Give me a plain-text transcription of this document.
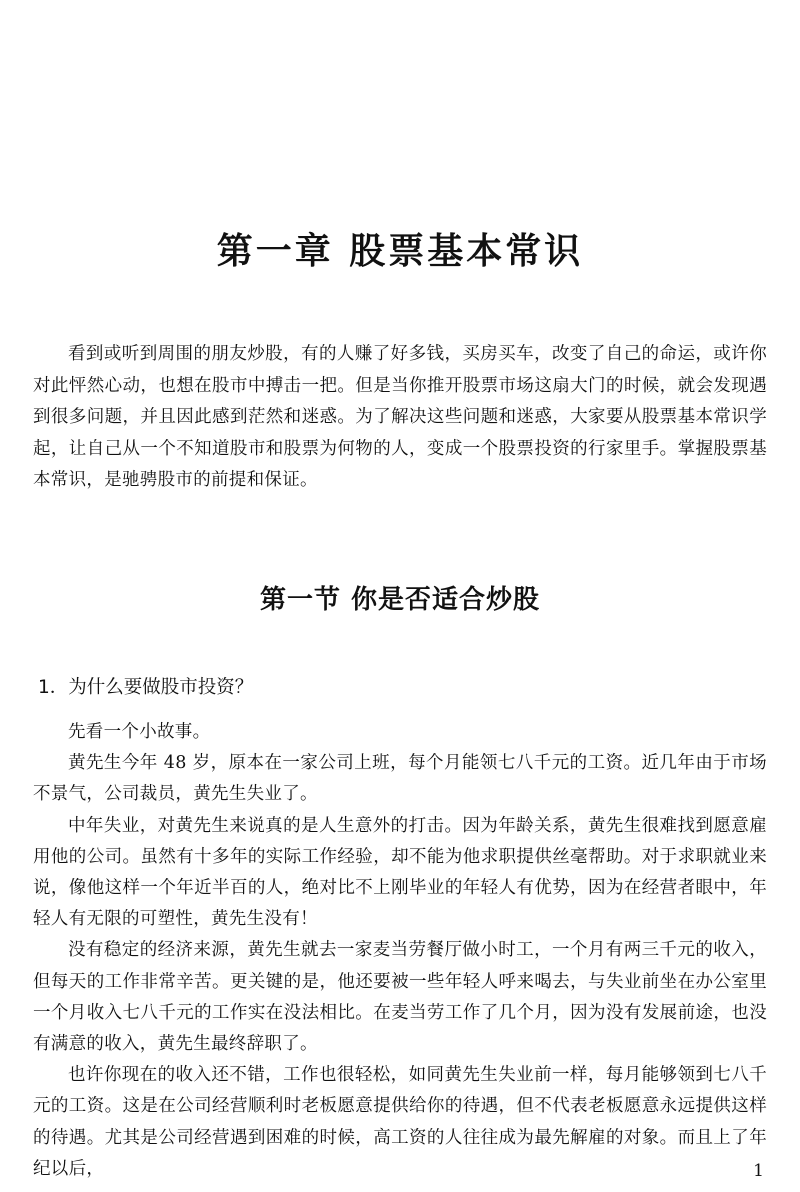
第一章 股票基本常识

看到或听到周围的朋友炒股，有的人赚了好多钱，买房买车，改变了自己的命运，或许你对此怦然心动，也想在股市中搏击一把。但是当你推开股票市场这扇大门的时候，就会发现遇到很多问题，并且因此感到茫然和迷惑。为了解决这些问题和迷惑，大家要从股票基本常识学起，让自己从一个不知道股市和股票为何物的人，变成一个股票投资的行家里手。掌握股票基本常识，是驰骋股市的前提和保证。

第一节 你是否适合炒股

1．为什么要做股市投资？

先看一个小故事。

黄先生今年 48 岁，原本在一家公司上班，每个月能领七八千元的工资。近几年由于市场不景气，公司裁员，黄先生失业了。

中年失业，对黄先生来说真的是人生意外的打击。因为年龄关系，黄先生很难找到愿意雇用他的公司。虽然有十多年的实际工作经验，却不能为他求职提供丝毫帮助。对于求职就业来说，像他这样一个年近半百的人，绝对比不上刚毕业的年轻人有优势，因为在经营者眼中，年轻人有无限的可塑性，黄先生没有！

没有稳定的经济来源，黄先生就去一家麦当劳餐厅做小时工，一个月有两三千元的收入，但每天的工作非常辛苦。更关键的是，他还要被一些年轻人呼来喝去，与失业前坐在办公室里一个月收入七八千元的工作实在没法相比。在麦当劳工作了几个月，因为没有发展前途，也没有满意的收入，黄先生最终辞职了。

也许你现在的收入还不错，工作也很轻松，如同黄先生失业前一样，每月能够领到七八千元的工资。这是在公司经营顺利时老板愿意提供给你的待遇，但不代表老板愿意永远提供这样的待遇。尤其是公司经营遇到困难的时候，高工资的人往往成为最先解雇的对象。而且上了年纪以后，	1
